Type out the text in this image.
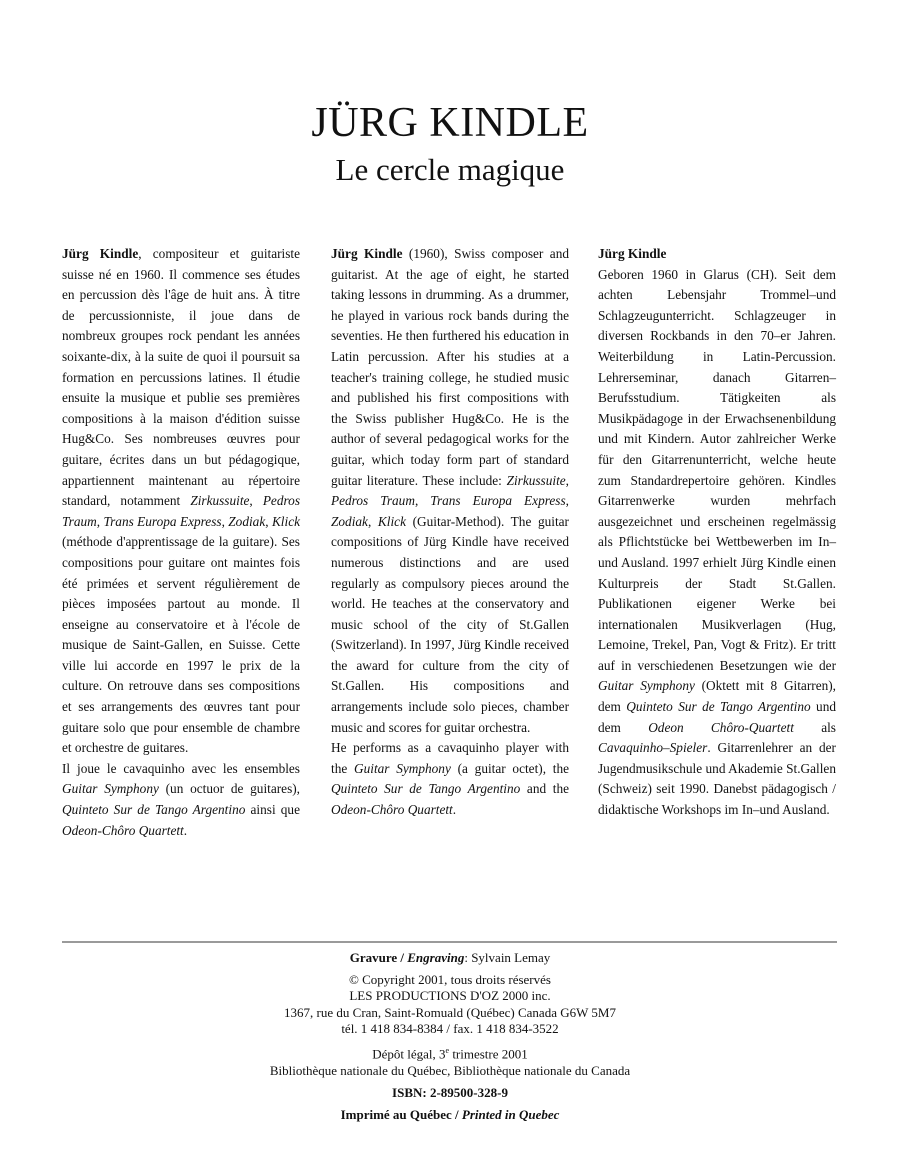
JÜRG KINDLE
Le cercle magique

Jürg Kindle, compositeur et guitariste suisse né en 1960. Il commence ses études en percussion dès l'âge de huit ans. À titre de percussionniste, il joue dans de nombreux groupes rock pendant les années soixante-dix, à la suite de quoi il poursuit sa formation en percussions latines. Il étudie ensuite la musique et publie ses premières compositions à la maison d'édition suisse Hug&Co. Ses nombreuses œuvres pour guitare, écrites dans un but pédagogique, appartiennent maintenant au répertoire standard, notamment Zirkussuite, Pedros Traum, Trans Europa Express, Zodiak, Klick (méthode d'apprentissage de la guitare). Ses compositions pour guitare ont maintes fois été primées et servent régulièrement de pièces imposées partout au monde. Il enseigne au conservatoire et à l'école de musique de Saint-Gallen, en Suisse. Cette ville lui accorde en 1997 le prix de la culture. On retrouve dans ses compositions et ses arrangements des œuvres tant pour guitare solo que pour ensemble de chambre et orchestre de guitares.

Il joue le cavaquinho avec les ensembles Guitar Symphony (un octuor de guitares), Quinteto Sur de Tango Argentino ainsi que Odeon-Chôro Quartett.

Jürg Kindle (1960), Swiss composer and guitarist. At the age of eight, he started taking lessons in drumming. As a drummer, he played in various rock bands during the seventies. He then furthered his education in Latin percussion. After his studies at a teacher's training college, he studied music and published his first compositions with the Swiss publisher Hug&Co. He is the author of several pedagogical works for the guitar, which today form part of standard guitar literature. These include: Zirkussuite, Pedros Traum, Trans Europa Express, Zodiak, Klick (Guitar-Method). The guitar compositions of Jürg Kindle have received numerous distinctions and are used regularly as compulsory pieces around the world. He teaches at the conservatory and music school of the city of St.Gallen (Switzerland). In 1997, Jürg Kindle received the award for culture from the city of St.Gallen. His compositions and arrangements include solo pieces, chamber music and scores for guitar orchestra.

He performs as a cavaquinho player with the Guitar Symphony (a guitar octet), the Quinteto Sur de Tango Argentino and the Odeon-Chôro Quartett.

Jürg Kindle

Geboren 1960 in Glarus (CH). Seit dem achten Lebensjahr Trommel–und Schlagzeugunterricht. Schlagzeuger in diversen Rockbands in den 70–er Jahren. Weiterbildung in Latin-Percussion. Lehrerseminar, danach Gitarren–Berufsstudium. Tätigkeiten als Musikpädagoge in der Erwachsenenbildung und mit Kindern. Autor zahlreicher Werke für den Gitarrenunterricht, welche heute zum Standardrepertoire gehören. Kindles Gitarrenwerke wurden mehrfach ausgezeichnet und erscheinen regelmässig als Pflichtstücke bei Wettbewerben im In–und Ausland. 1997 erhielt Jürg Kindle einen Kulturpreis der Stadt St.Gallen. Publikationen eigener Werke bei internationalen Musikverlagen (Hug, Lemoine, Trekel, Pan, Vogt & Fritz). Er tritt auf in verschiedenen Besetzungen wie der Guitar Symphony (Oktett mit 8 Gitarren), dem Quinteto Sur de Tango Argentino und dem Odeon Chôro-Quartett als Cavaquinho–Spieler. Gitarrenlehrer an der Jugendmusikschule und Akademie St.Gallen (Schweiz) seit 1990. Danebst pädagogisch / didaktische Workshops im In–und Ausland.

Gravure / Engraving: Sylvain Lemay
© Copyright 2001, tous droits réservés
LES PRODUCTIONS D'OZ 2000 inc.
1367, rue du Cran, Saint-Romuald (Québec) Canada G6W 5M7
tél. 1 418 834-8384 / fax. 1 418 834-3522
Dépôt légal, 3e trimestre 2001
Bibliothèque nationale du Québec, Bibliothèque nationale du Canada
ISBN: 2-89500-328-9
Imprimé au Québec / Printed in Quebec
